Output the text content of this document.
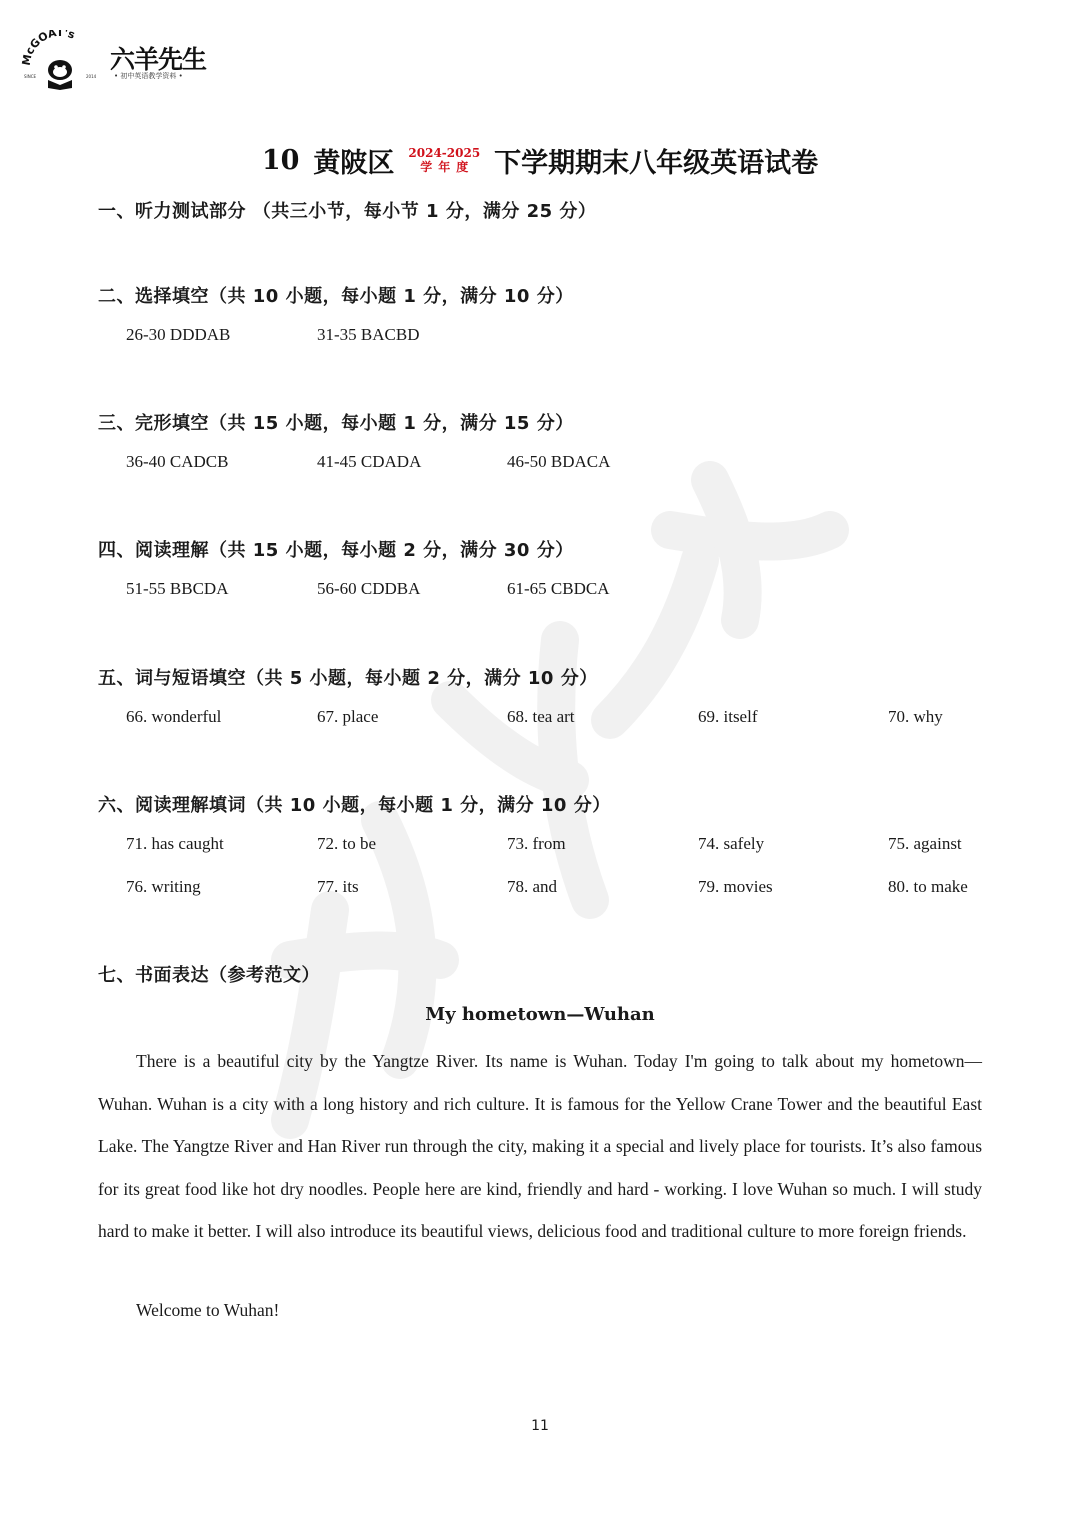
McGOAT's
SINCE	2014
六羊先生
• 初中英语教学资料 •
10 黄陂区 2024-2025
学年度 下学期期末八年级英语试卷
一、听力测试部分 （共三小节，每小节 1 分，满分 25 分）
二、选择填空（共 10 小题，每小题 1 分，满分 10 分）
三、完形填空（共 15 小题，每小题 1 分，满分 15 分）
四、阅读理解（共 15 小题，每小题 2 分，满分 30 分）
五、词与短语填空（共 5 小题，每小题 2 分，满分 10 分）
六、阅读理解填词（共 10 小题，每小题 1 分，满分 10 分）
七、书面表达（参考范文）
26-30 DDDAB	31-35 BACBD
36-40 CADCB	41-45 CDADA	46-50 BDACA
51-55 BBCDA	56-60 CDDBA	61-65 CBDCA
66. wonderful	67. place	68. tea art	69. itself	70. why
71. has caught	72. to be	73. from	74. safely	75. against
76. writing	77. its	78. and	79. movies	80. to make
My hometown—Wuhan

There is a beautiful city by the Yangtze River. Its name is Wuhan. Today I'm going to talk about my hometown—Wuhan. Wuhan is a city with a long history and rich culture. It is famous for the Yellow Crane Tower and the beautiful East Lake. The Yangtze River and Han River run through the city, making it a special and lively place for tourists. It’s also famous for its great food like hot dry noodles. People here are kind, friendly and hard - working. I love Wuhan so much. I will study hard to make it better. I will also introduce its beautiful views, delicious food and traditional culture to more foreign friends.

Welcome to Wuhan!
11
